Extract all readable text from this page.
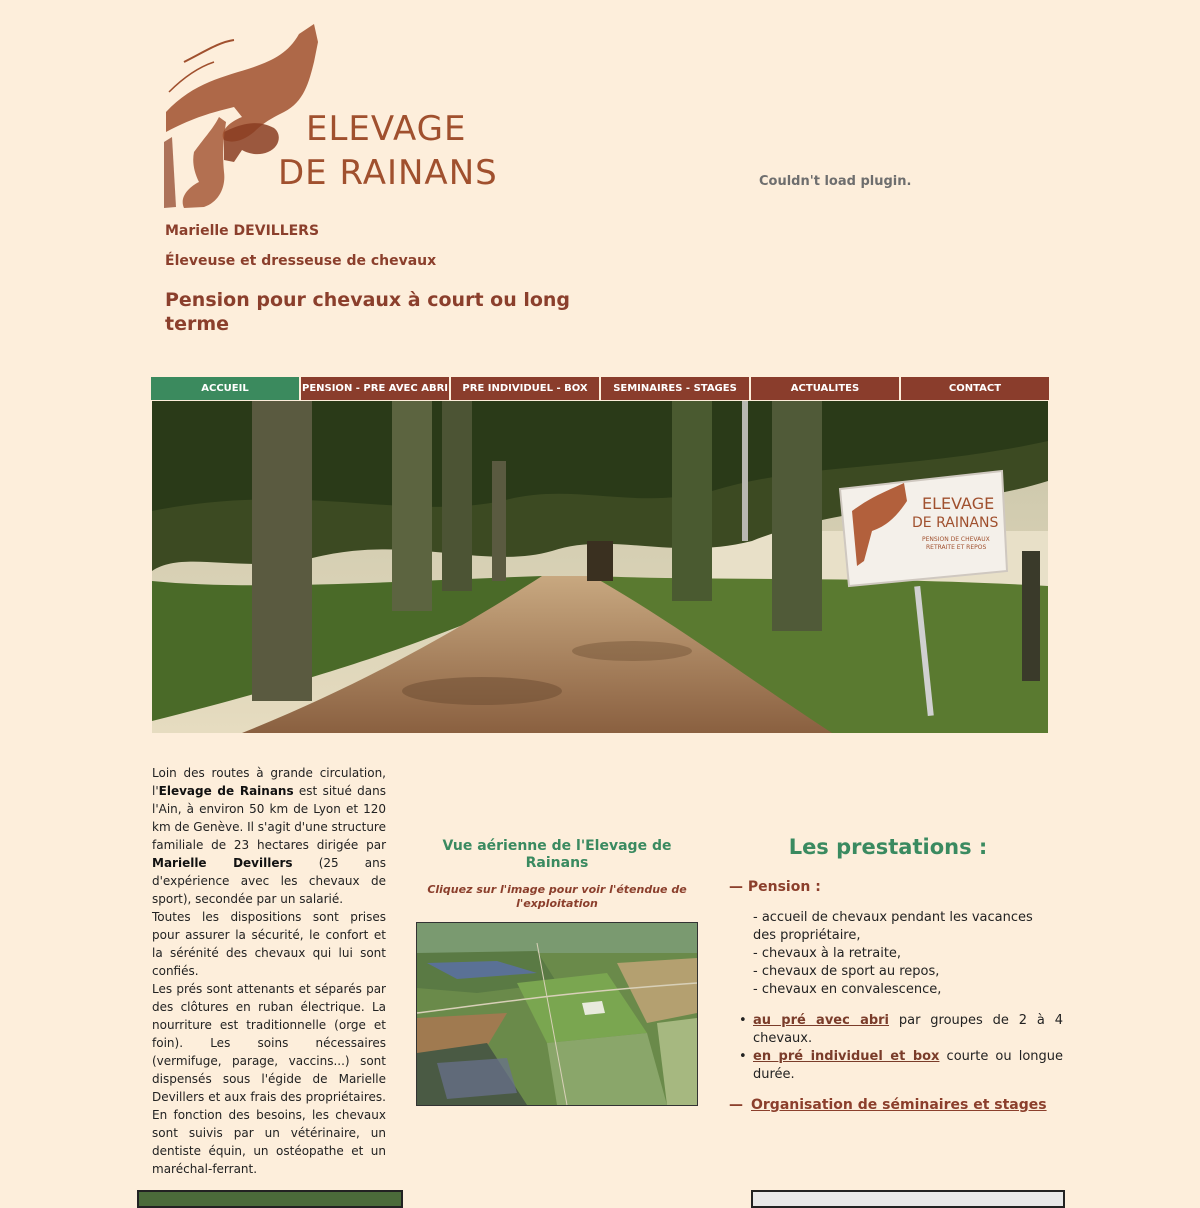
ELEVAGE
DE RAINANS	Couldn't load plugin.
Marielle DEVILLERS
Éleveuse et dresseuse de chevaux
Pension pour chevaux à court ou long terme
ACCUEIL	PENSION - PRE AVEC ABRI	PRE INDIVIDUEL - BOX	SEMINAIRES - STAGES	ACTUALITES	CONTACT
ELEVAGE
DE RAINANS
PENSION DE CHEVAUX
RETRAITE ET REPOS
Loin des routes à grande circulation, l'Elevage de Rainans est situé dans l'Ain, à environ 50 km de Lyon et 120 km de Genève. Il s'agit d'une structure familiale de 23 hectares dirigée par Marielle Devillers (25 ans d'expérience avec les chevaux de sport), secondée par un salarié.
Toutes les dispositions sont prises pour assurer la sécurité, le confort et la sérénité des chevaux qui lui sont confiés.
Les prés sont attenants et séparés par des clôtures en ruban électrique. La nourriture est traditionnelle (orge et foin). Les soins nécessaires (vermifuge, parage, vaccins...) sont dispensés sous l'égide de Marielle Devillers et aux frais des propriétaires. En fonction des besoins, les chevaux sont suivis par un vétérinaire, un dentiste équin, un ostéopathe et un maréchal-ferrant.
Vue aérienne de l'Elevage de Rainans
Cliquez sur l'image pour voir l'étendue de l'exploitation
Les prestations :
— Pension :
- accueil de chevaux pendant les vacances des propriétaire,
- chevaux à la retraite,
- chevaux de sport au repos,
- chevaux en convalescence,
• au pré avec abri par groupes de 2 à 4 chevaux.
• en pré individuel et box courte ou longue durée.
— Organisation de séminaires et stages
